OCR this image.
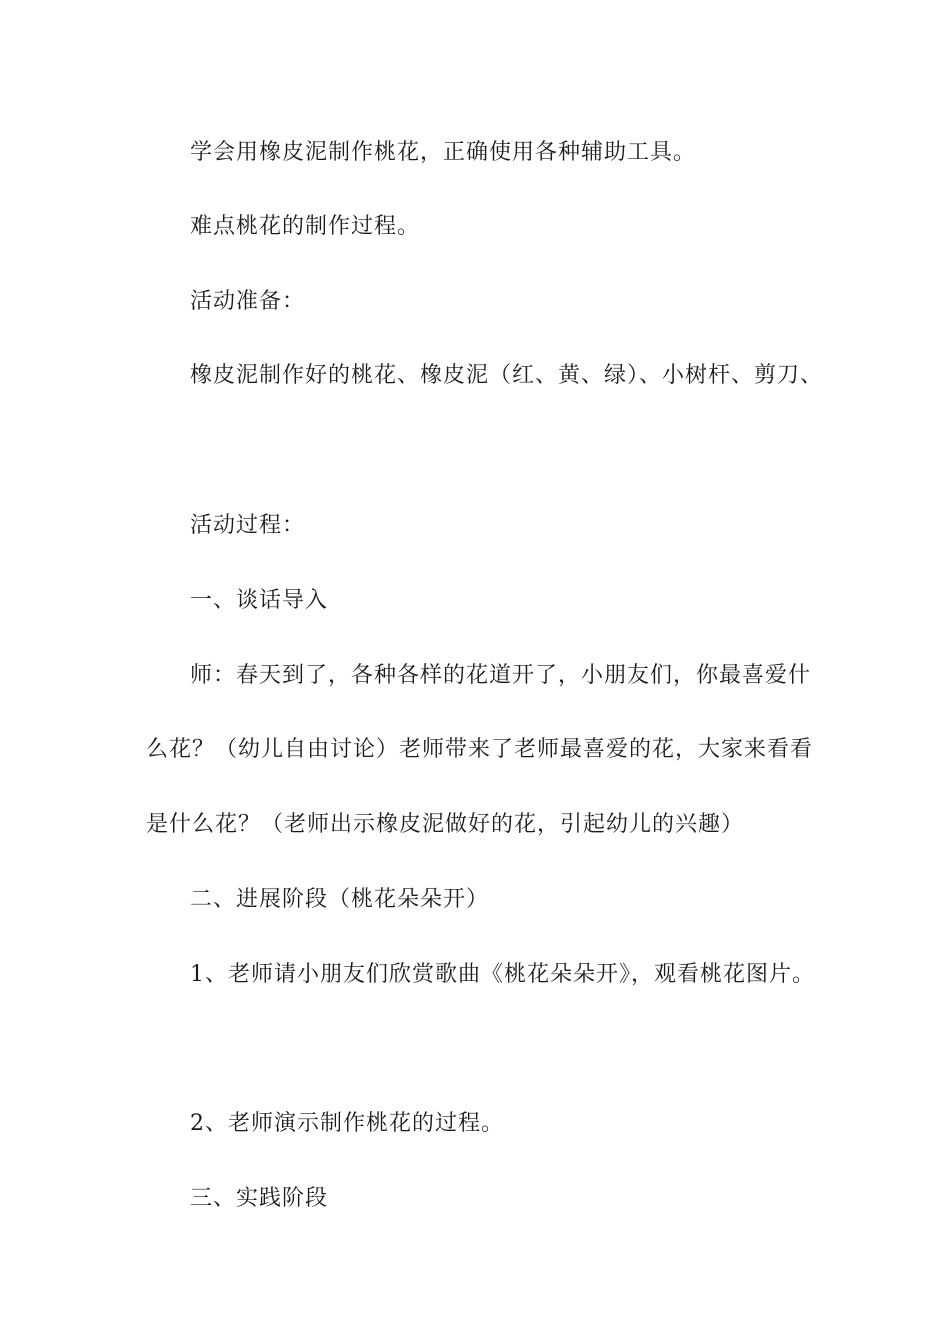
学会用橡皮泥制作桃花，正确使用各种辅助工具。

难点桃花的制作过程。

活动准备：

橡皮泥制作好的桃花、橡皮泥（红、黄、绿）、小树杆、剪刀、

活动过程：

一、谈话导入

师：春天到了，各种各样的花道开了，小朋友们，你最喜爱什

么花？（幼儿自由讨论）老师带来了老师最喜爱的花，大家来看看

是什么花？（老师出示橡皮泥做好的花，引起幼儿的兴趣）

二、进展阶段（桃花朵朵开）

1、老师请小朋友们欣赏歌曲《桃花朵朵开》，观看桃花图片。

2、老师演示制作桃花的过程。

三、实践阶段
